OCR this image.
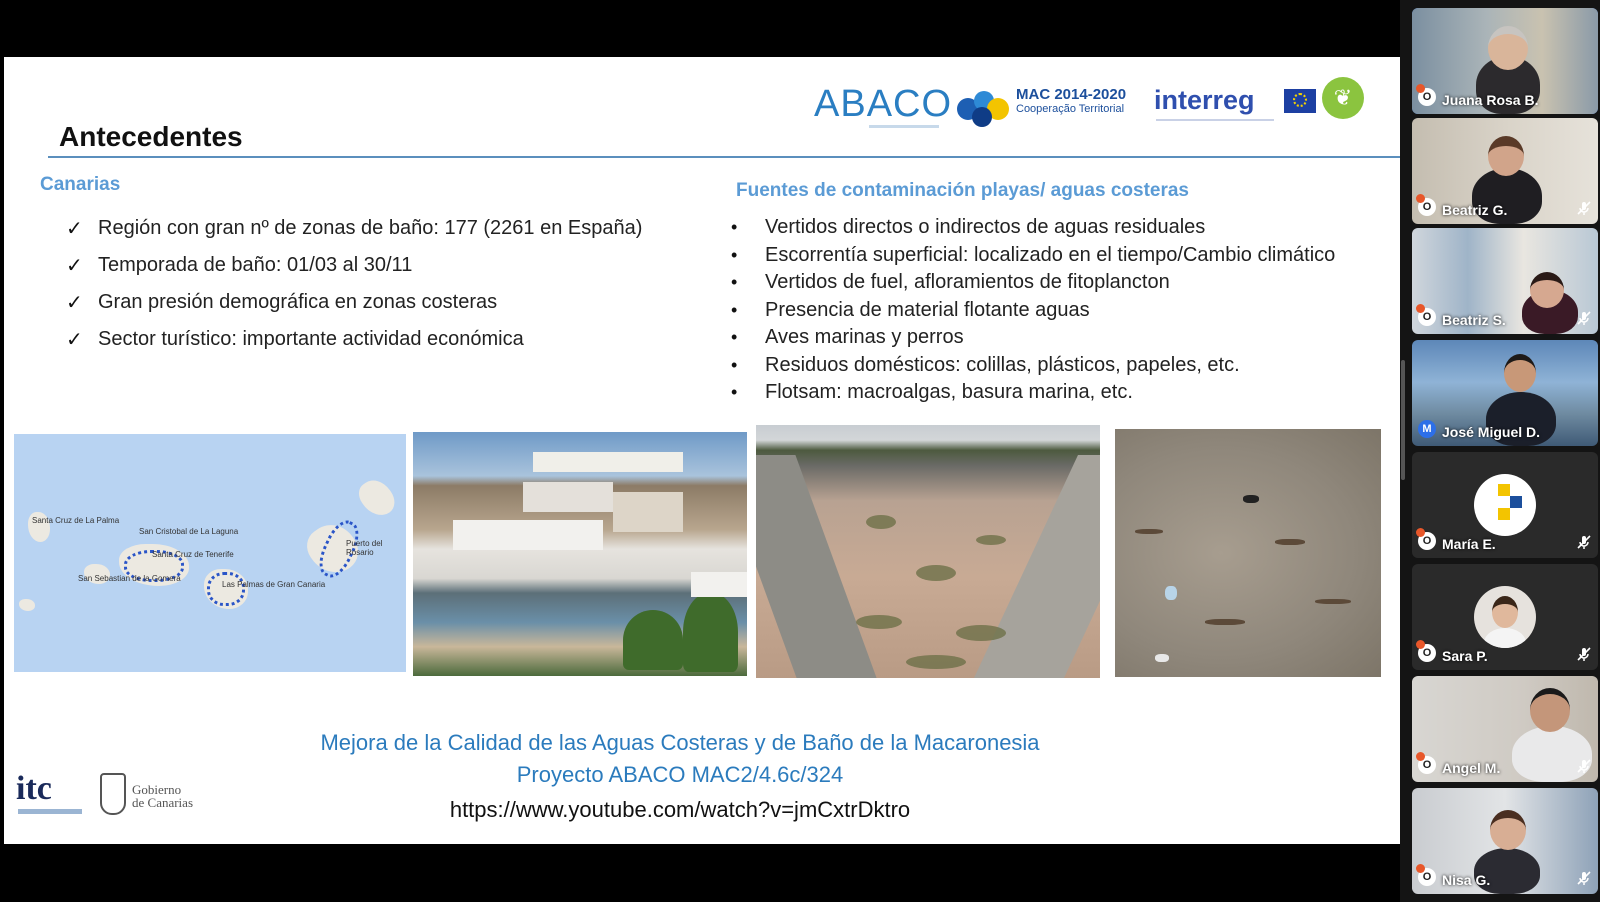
ABACO	MAC 2014-2020
Cooperação Territorial interreg	❦
Antecedentes
Canarias
✓ Región con gran nº de zonas de baño: 177 (2261 en España)
✓ Temporada de baño: 01/03 al 30/11
✓ Gran presión demográfica en zonas costeras
✓ Sector turístico: importante actividad económica
Fuentes de contaminación playas/ aguas costeras
•	Vertidos directos o indirectos de aguas residuales
•	Escorrentía superficial: localizado en el tiempo/Cambio climático
•	Vertidos de fuel, afloramientos de fitoplancton
•	Presencia de material flotante aguas
•	Aves marinas y perros
•	Residuos domésticos: colillas, plásticos, papeles, etc.
•	Flotsam: macroalgas, basura marina, etc.
Santa Cruz de La Palma
San Cristobal de La Laguna
Santa Cruz de Tenerife
San Sebastian de la Gomera
Las Palmas de Gran Canaria
Puerto del Rosario
Mejora de la Calidad de las Aguas Costeras y de Baño de la Macaronesia
Proyecto ABACO MAC2/4.6c/324
https://www.youtube.com/watch?v=jmCxtrDktro
itc	Gobierno
de Canarias
O Juana Rosa B.
O Beatriz G.
O Beatriz S.
M José Miguel D.
O María E.
O Sara P.
O Angel M.
O Nisa G.
